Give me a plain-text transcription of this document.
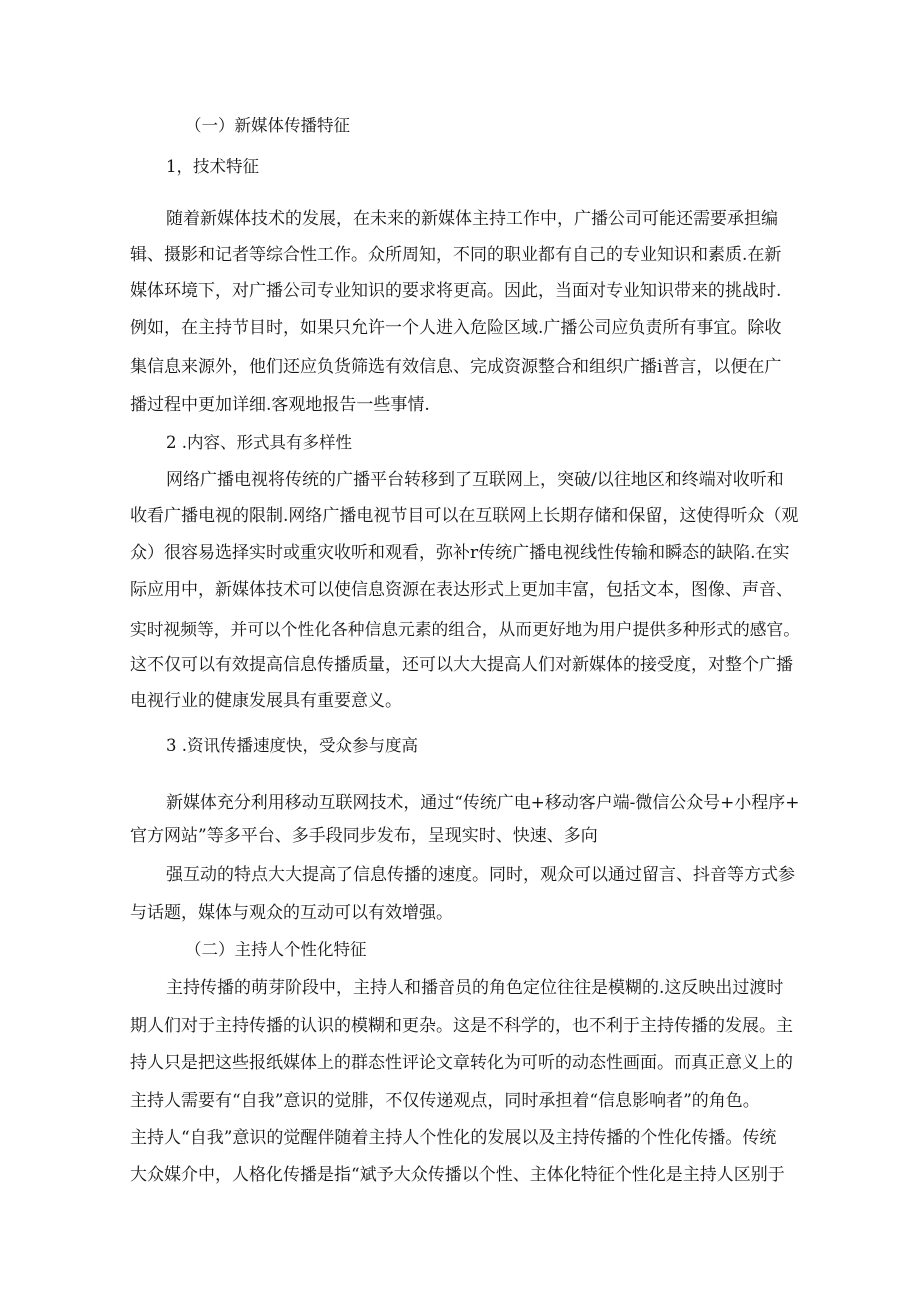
（一）新媒体传播特征

1，技术特征

随着新媒体技术的发展，在未来的新媒体主持工作中，广播公司可能还需要承担编

辑、摄影和记者等综合性工作。众所周知，不同的职业都有自己的专业知识和素质.在新

媒体环境下，对广播公司专业知识的要求将更高。因此，当面对专业知识带来的挑战时.

例如，在主持节目时，如果只允许一个人进入危险区域.广播公司应负责所有事宜。除收

集信息来源外，他们还应负货筛选有效信息、完成资源整合和组织广播i普言，以便在广

播过程中更加详细.客观地报告一些事情.

2 .内容、形式具有多样性

网络广播电视将传统的广播平台转移到了互联网上，突破/以往地区和终端对收听和

收看广播电视的限制.网络广播电视节目可以在互联网上长期存储和保留，这使得听众（观

众）很容易选择实时或重灾收听和观看，弥补r传统广播电视线性传输和瞬态的缺陷.在实

际应用中，新媒体技术可以使信息资源在表达形式上更加丰富，包括文本，图像、声音、

实时视频等，并可以个性化各种信息元素的组合，从而更好地为用户提供多种形式的感官。

这不仅可以有效提高信息传播质量，还可以大大提高人们对新媒体的接受度，对整个广播

电视行业的健康发展具有重要意义。

3 .资讯传播速度快，受众参与度高

新媒体充分利用移动互联网技术，通过“传统广电+移动客户端-微信公众号+小程序+

官方网站”等多平台、多手段同步发布，呈现实时、快速、多向

强互动的特点大大提高了信息传播的速度。同时，观众可以通过留言、抖音等方式参

与话题，媒体与观众的互动可以有效增强。

（二）主持人个性化特征

主持传播的萌芽阶段中，主持人和播音员的角色定位往往是模糊的.这反映出过渡时

期人们对于主持传播的认识的模糊和更杂。这是不科学的，也不利于主持传播的发展。主

持人只是把这些报纸媒体上的群态性评论文章转化为可听的动态性画面。而真正意义上的

主持人需要有“自我”意识的觉腓，不仅传递观点，同时承担着“信息影响者”的角色。

主持人“自我”意识的觉醒伴随着主持人个性化的发展以及主持传播的个性化传播。传统

大众媒介中，人格化传播是指“斌予大众传播以个性、主体化特征个性化是主持人区别于
